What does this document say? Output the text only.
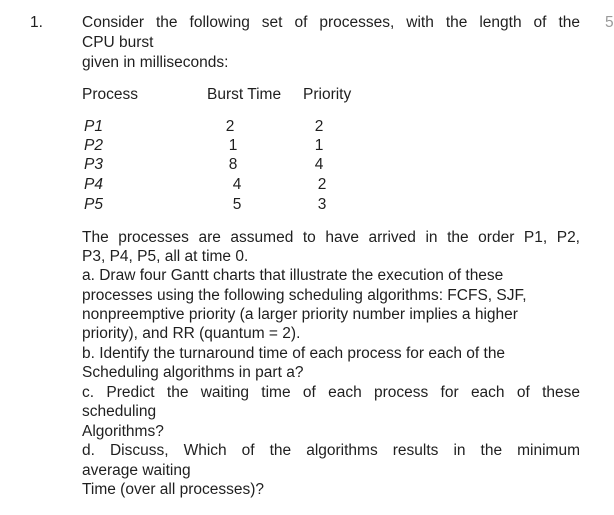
1.	5
Consider the following set of processes, with the length of the
CPU burst
given in milliseconds:
Process	Burst Time Priority
P1	2	2
P2	1	1
P3	8	4
P4	4	2
P5	5	3
The processes are assumed to have arrived in the order P1, P2,
P3, P4, P5, all at time 0.
a. Draw four Gantt charts that illustrate the execution of these
processes using the following scheduling algorithms: FCFS, SJF,
nonpreemptive priority (a larger priority number implies a higher
priority), and RR (quantum = 2).
b. Identify the turnaround time of each process for each of the
Scheduling algorithms in part a?
c. Predict the waiting time of each process for each of these
scheduling
Algorithms?
d. Discuss, Which of the algorithms results in the minimum
average waiting
Time (over all processes)?
